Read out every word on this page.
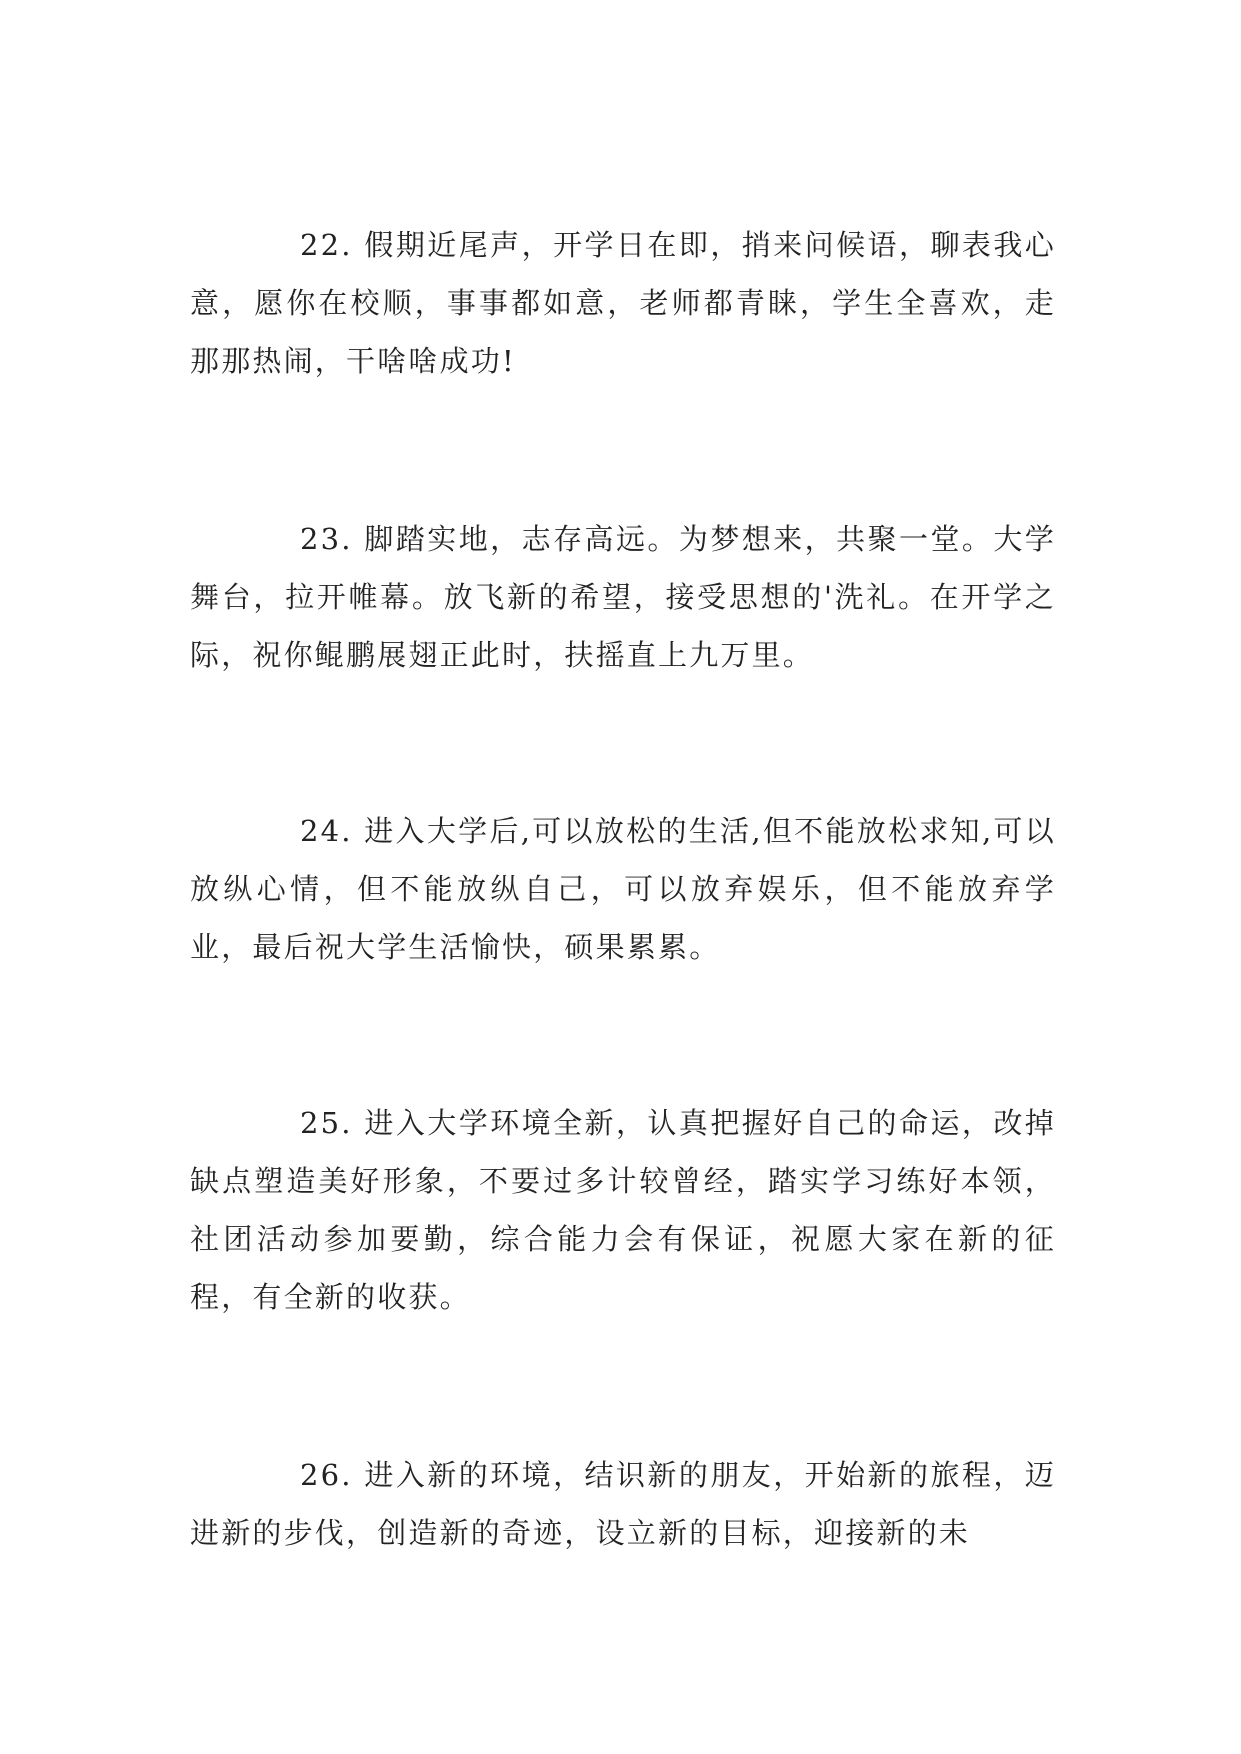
22. 假期近尾声，开学日在即，捎来问候语，聊表我心意，愿你在校顺，事事都如意，老师都青睐，学生全喜欢，走那那热闹，干啥啥成功!

23. 脚踏实地，志存高远。为梦想来，共聚一堂。大学舞台，拉开帷幕。放飞新的希望，接受思想的'洗礼。在开学之际，祝你鲲鹏展翅正此时，扶摇直上九万里。

24. 进入大学后,可以放松的生活,但不能放松求知,可以放纵心情，但不能放纵自己，可以放弃娱乐，但不能放弃学业，最后祝大学生活愉快，硕果累累。

25. 进入大学环境全新，认真把握好自己的命运，改掉缺点塑造美好形象，不要过多计较曾经，踏实学习练好本领，社团活动参加要勤，综合能力会有保证，祝愿大家在新的征程，有全新的收获。

26. 进入新的环境，结识新的朋友，开始新的旅程，迈进新的步伐，创造新的奇迹，设立新的目标，迎接新的未
